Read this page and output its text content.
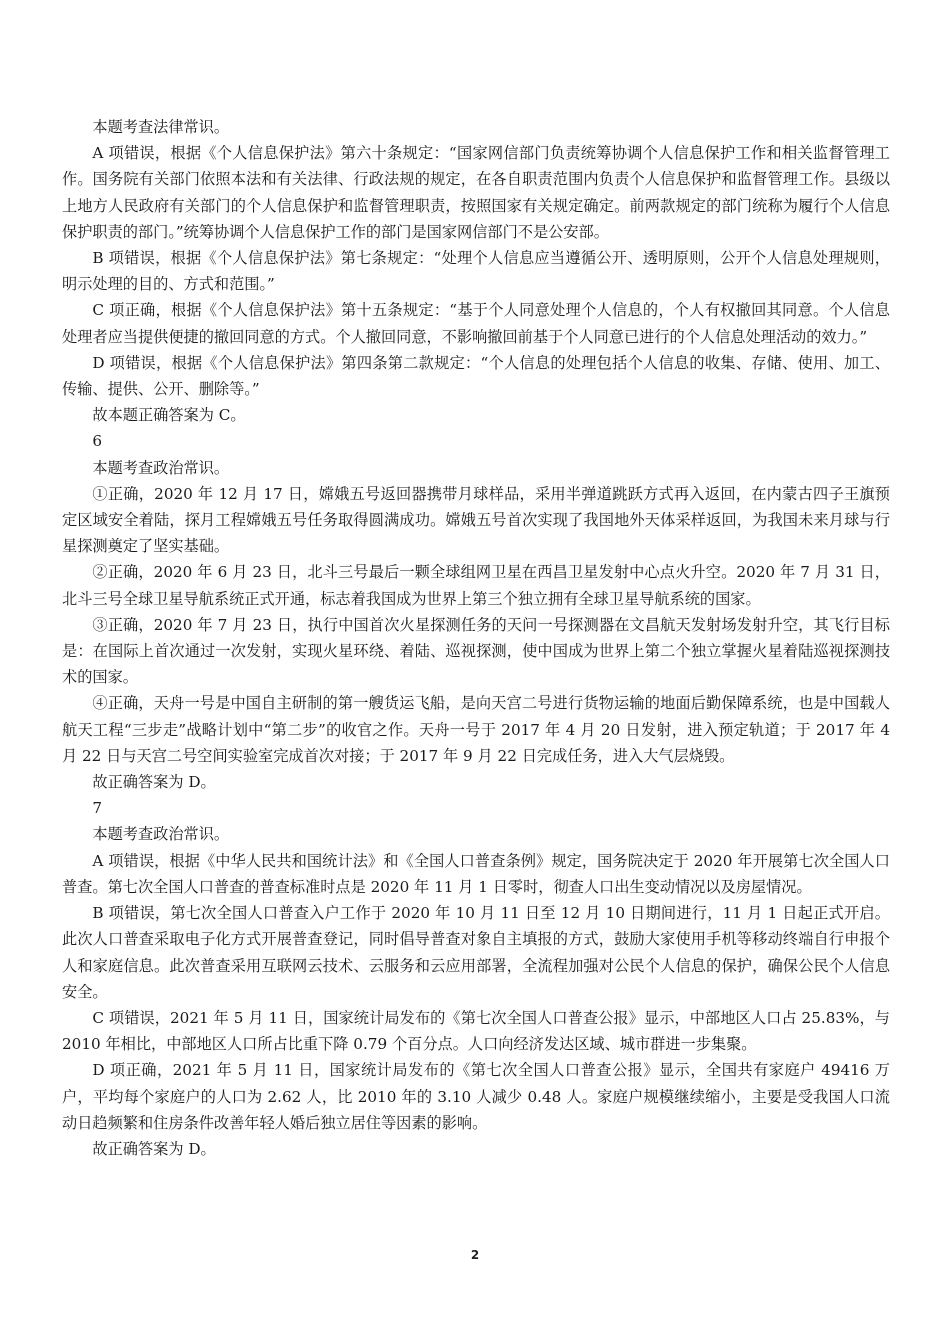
本题考查法律常识。

A 项错误，根据《个人信息保护法》第六十条规定：“国家网信部门负责统筹协调个人信息保护工作和相关监督管理工作。国务院有关部门依照本法和有关法律、行政法规的规定，在各自职责范围内负责个人信息保护和监督管理工作。县级以上地方人民政府有关部门的个人信息保护和监督管理职责，按照国家有关规定确定。前两款规定的部门统称为履行个人信息保护职责的部门。”统筹协调个人信息保护工作的部门是国家网信部门不是公安部。

B 项错误，根据《个人信息保护法》第七条规定：“处理个人信息应当遵循公开、透明原则，公开个人信息处理规则，明示处理的目的、方式和范围。”

C 项正确，根据《个人信息保护法》第十五条规定：“基于个人同意处理个人信息的，个人有权撤回其同意。个人信息处理者应当提供便捷的撤回同意的方式。个人撤回同意，不影响撤回前基于个人同意已进行的个人信息处理活动的效力。”

D 项错误，根据《个人信息保护法》第四条第二款规定：“个人信息的处理包括个人信息的收集、存储、使用、加工、传输、提供、公开、删除等。”

故本题正确答案为 C。

6

本题考查政治常识。

①正确，2020 年 12 月 17 日，嫦娥五号返回器携带月球样品，采用半弹道跳跃方式再入返回，在内蒙古四子王旗预定区域安全着陆，探月工程嫦娥五号任务取得圆满成功。嫦娥五号首次实现了我国地外天体采样返回，为我国未来月球与行星探测奠定了坚实基础。

②正确，2020 年 6 月 23 日，北斗三号最后一颗全球组网卫星在西昌卫星发射中心点火升空。2020 年 7 月 31 日，北斗三号全球卫星导航系统正式开通，标志着我国成为世界上第三个独立拥有全球卫星导航系统的国家。

③正确，2020 年 7 月 23 日，执行中国首次火星探测任务的天问一号探测器在文昌航天发射场发射升空，其飞行目标是：在国际上首次通过一次发射，实现火星环绕、着陆、巡视探测，使中国成为世界上第二个独立掌握火星着陆巡视探测技术的国家。

④正确，天舟一号是中国自主研制的第一艘货运飞船，是向天宫二号进行货物运输的地面后勤保障系统，也是中国载人航天工程“三步走”战略计划中“第二步”的收官之作。天舟一号于 2017 年 4 月 20 日发射，进入预定轨道；于 2017 年 4 月 22 日与天宫二号空间实验室完成首次对接；于 2017 年 9 月 22 日完成任务，进入大气层烧毁。

故正确答案为 D。

7

本题考查政治常识。

A 项错误，根据《中华人民共和国统计法》和《全国人口普查条例》规定，国务院决定于 2020 年开展第七次全国人口普查。第七次全国人口普查的普查标准时点是 2020 年 11 月 1 日零时，彻查人口出生变动情况以及房屋情况。

B 项错误，第七次全国人口普查入户工作于 2020 年 10 月 11 日至 12 月 10 日期间进行，11 月 1 日起正式开启。此次人口普查采取电子化方式开展普查登记，同时倡导普查对象自主填报的方式，鼓励大家使用手机等移动终端自行申报个人和家庭信息。此次普查采用互联网云技术、云服务和云应用部署，全流程加强对公民个人信息的保护，确保公民个人信息安全。

C 项错误，2021 年 5 月 11 日，国家统计局发布的《第七次全国人口普查公报》显示，中部地区人口占 25.83%，与 2010 年相比，中部地区人口所占比重下降 0.79 个百分点。人口向经济发达区域、城市群进一步集聚。

D 项正确，2021 年 5 月 11 日，国家统计局发布的《第七次全国人口普查公报》显示，全国共有家庭户 49416 万户，平均每个家庭户的人口为 2.62 人，比 2010 年的 3.10 人减少 0.48 人。家庭户规模继续缩小，主要是受我国人口流动日趋频繁和住房条件改善年轻人婚后独立居住等因素的影响。

故正确答案为 D。

2
